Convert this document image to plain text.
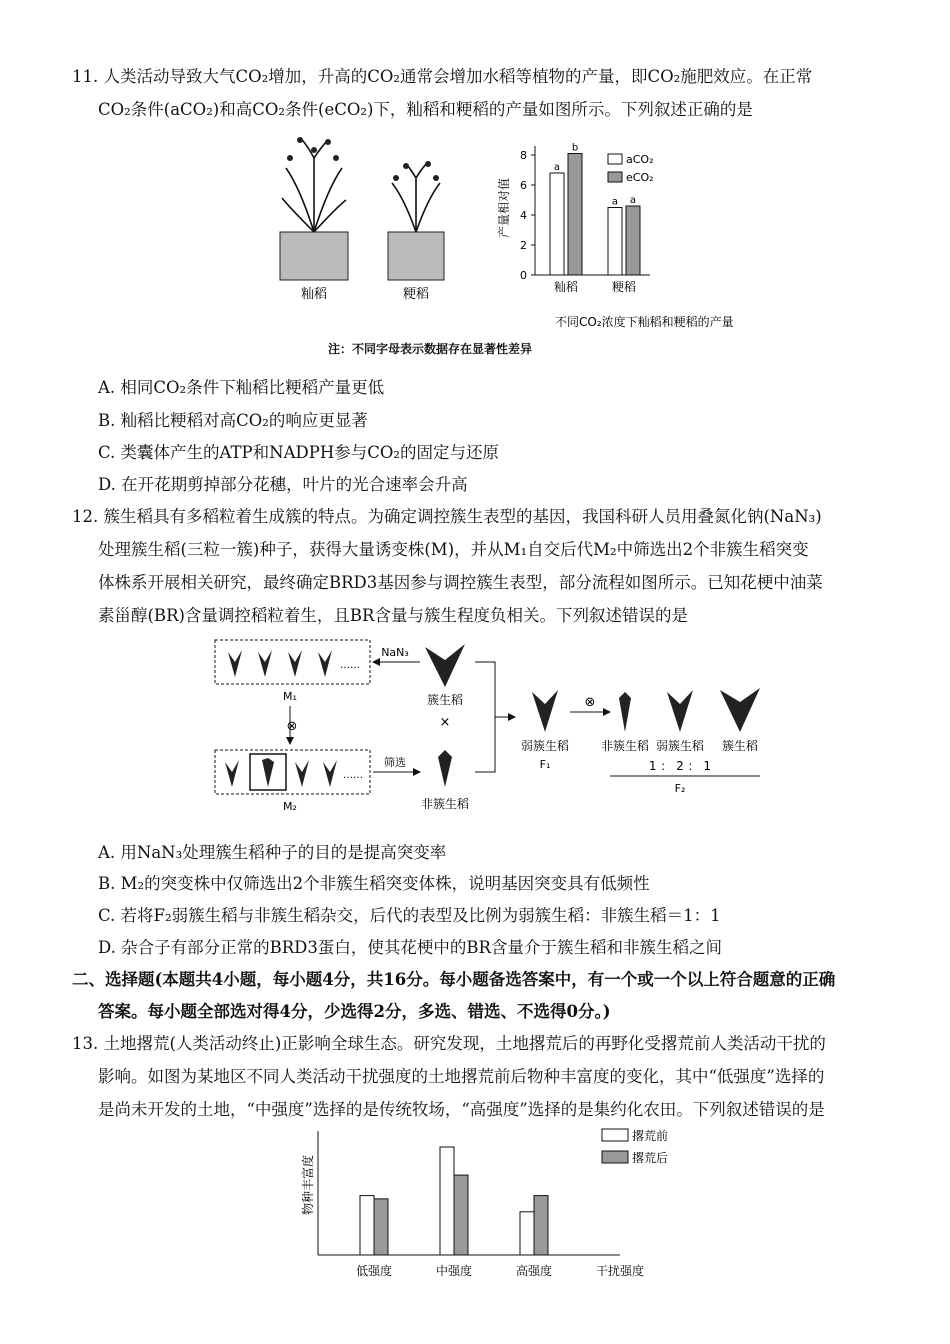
11. 人类活动导致大气CO₂增加，升高的CO₂通常会增加水稻等植物的产量，即CO₂施肥效应。在正常
CO₂条件(aCO₂)和高CO₂条件(eCO₂)下，籼稻和粳稻的产量如图所示。下列叙述正确的是
籼稻	粳稻
产量相对值
0
2
4
6
8
a
b
籼稻
a a
粳稻
aCO₂
eCO₂
不同CO₂浓度下籼稻和粳稻的产量
注：不同字母表示数据存在显著性差异
A. 相同CO₂条件下籼稻比粳稻产量更低
B. 籼稻比粳稻对高CO₂的响应更显著
C. 类囊体产生的ATP和NADPH参与CO₂的固定与还原
D. 在开花期剪掉部分花穗，叶片的光合速率会升高
12. 簇生稻具有多稻粒着生成簇的特点。为确定调控簇生表型的基因，我国科研人员用叠氮化钠(NaN₃)
处理簇生稻(三粒一簇)种子，获得大量诱变株(M)，并从M₁自交后代M₂中筛选出2个非簇生稻突变
体株系开展相关研究，最终确定BRD3基因参与调控簇生表型，部分流程如图所示。已知花梗中油菜
素甾醇(BR)含量调控稻粒着生，且BR含量与簇生程度负相关。下列叙述错误的是
……
M₁
⊗
……
M₂
NaN₃
筛选
簇生稻
×
非簇生稻
弱簇生稻
F₁
⊗
非簇生稻 弱簇生稻 簇生稻
1 ： 2 ： 1
F₂
A. 用NaN₃处理簇生稻种子的目的是提高突变率
B. M₂的突变株中仅筛选出2个非簇生稻突变体株，说明基因突变具有低频性
C. 若将F₂弱簇生稻与非簇生稻杂交，后代的表型及比例为弱簇生稻：非簇生稻＝1：1
D. 杂合子有部分正常的BRD3蛋白，使其花梗中的BR含量介于簇生稻和非簇生稻之间
二、选择题(本题共4小题，每小题4分，共16分。每小题备选答案中，有一个或一个以上符合题意的正确
答案。每小题全部选对得4分，少选得2分，多选、错选、不选得0分。)
13. 土地撂荒(人类活动终止)正影响全球生态。研究发现，土地撂荒后的再野化受撂荒前人类活动干扰的
影响。如图为某地区不同人类活动干扰强度的土地撂荒前后物种丰富度的变化，其中“低强度”选择的
是尚未开发的土地，“中强度”选择的是传统牧场，“高强度”选择的是集约化农田。下列叙述错误的是
物种丰富度
低强度	中强度	高强度
撂荒前
撂荒后
干扰强度
